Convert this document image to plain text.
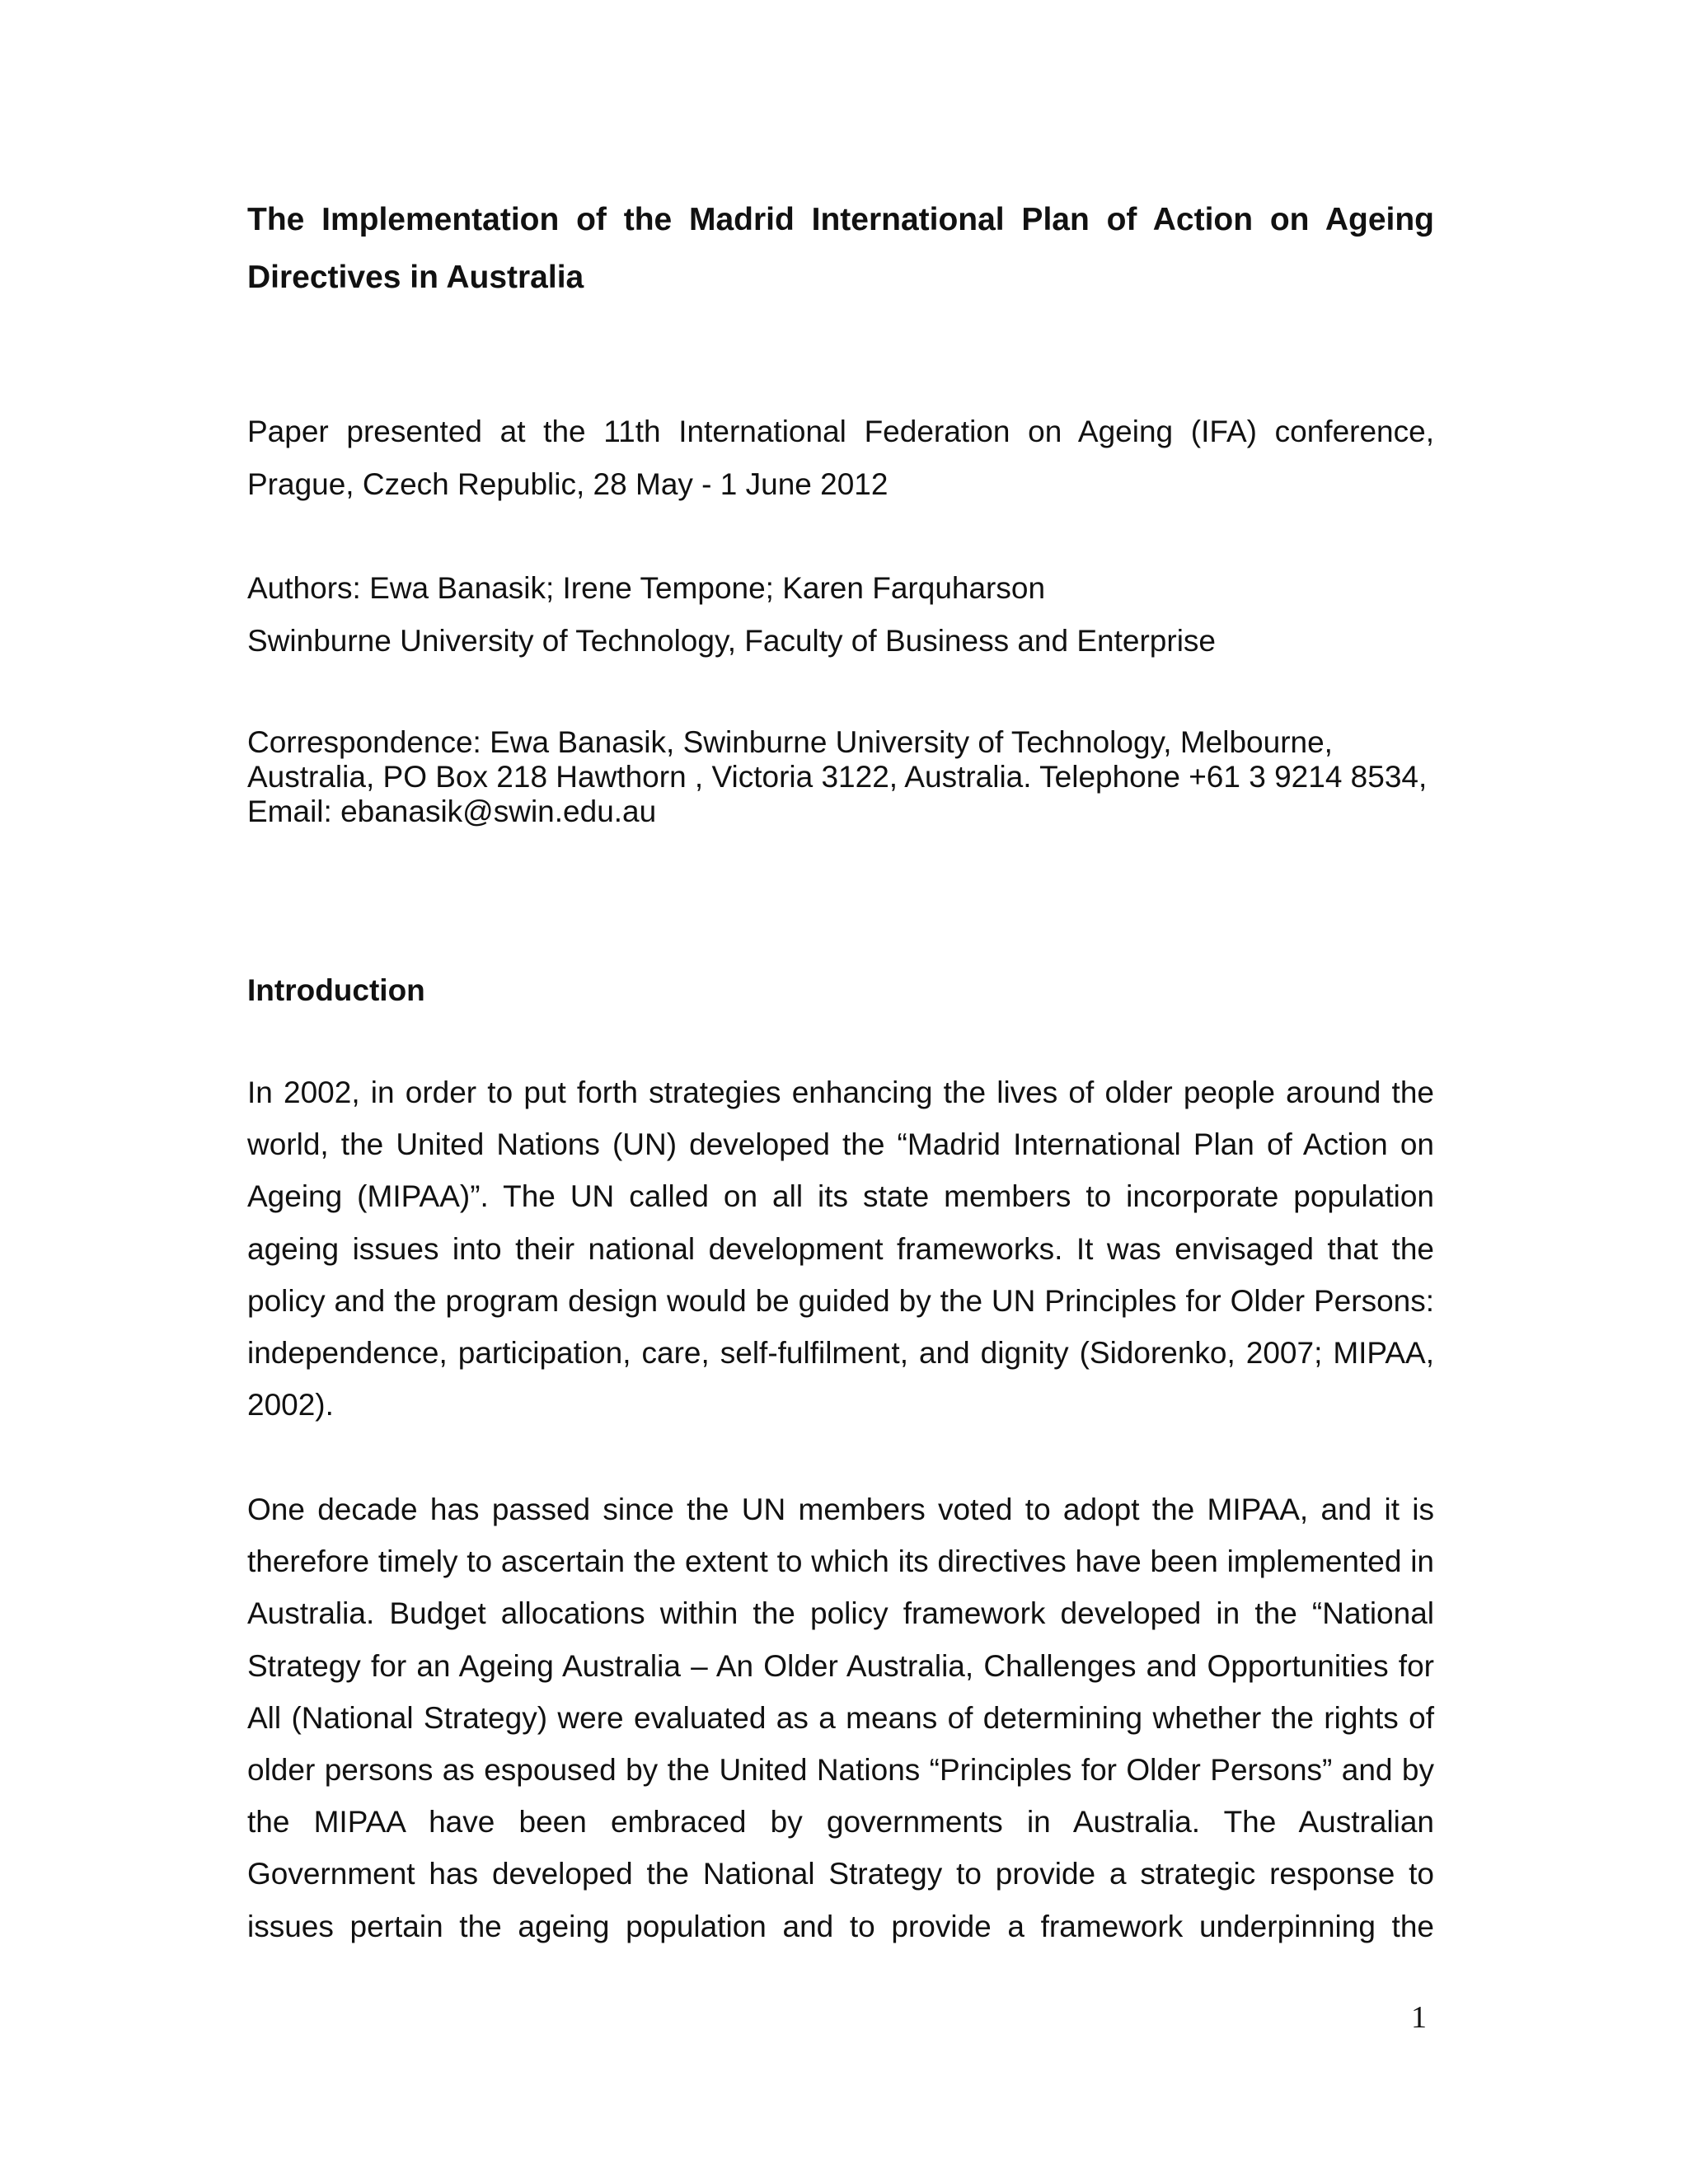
The Implementation of the Madrid International Plan of Action on Ageing Directives in Australia

Paper presented at the 11th International Federation on Ageing (IFA) conference, Prague, Czech Republic, 28 May - 1 June 2012

Authors: Ewa Banasik; Irene Tempone; Karen Farquharson
Swinburne University of Technology, Faculty of Business and Enterprise
Correspondence: Ewa Banasik, Swinburne University of Technology, Melbourne,
Australia, PO Box 218 Hawthorn , Victoria 3122, Australia. Telephone +61 3 9214 8534,
Email: ebanasik@swin.edu.au
Introduction

In 2002, in order to put forth strategies enhancing the lives of older people around the world, the United Nations (UN) developed the “Madrid International Plan of Action on Ageing (MIPAA)”. The UN called on all its state members to incorporate population ageing issues into their national development frameworks. It was envisaged that the policy and the program design would be guided by the UN Principles for Older Persons: independence, participation, care, self-fulfilment, and dignity (Sidorenko, 2007; MIPAA, 2002).

One decade has passed since the UN members voted to adopt the MIPAA, and it is therefore timely to ascertain the extent to which its directives have been implemented in Australia. Budget allocations within the policy framework developed in the “National Strategy for an Ageing Australia – An Older Australia, Challenges and Opportunities for All (National Strategy) were evaluated as a means of determining whether the rights of older persons as espoused by the United Nations “Principles for Older Persons” and by the MIPAA have been embraced by governments in Australia. The Australian Government has developed the National Strategy to provide a strategic response to issues pertain the ageing population and to provide a framework underpinning the

1
